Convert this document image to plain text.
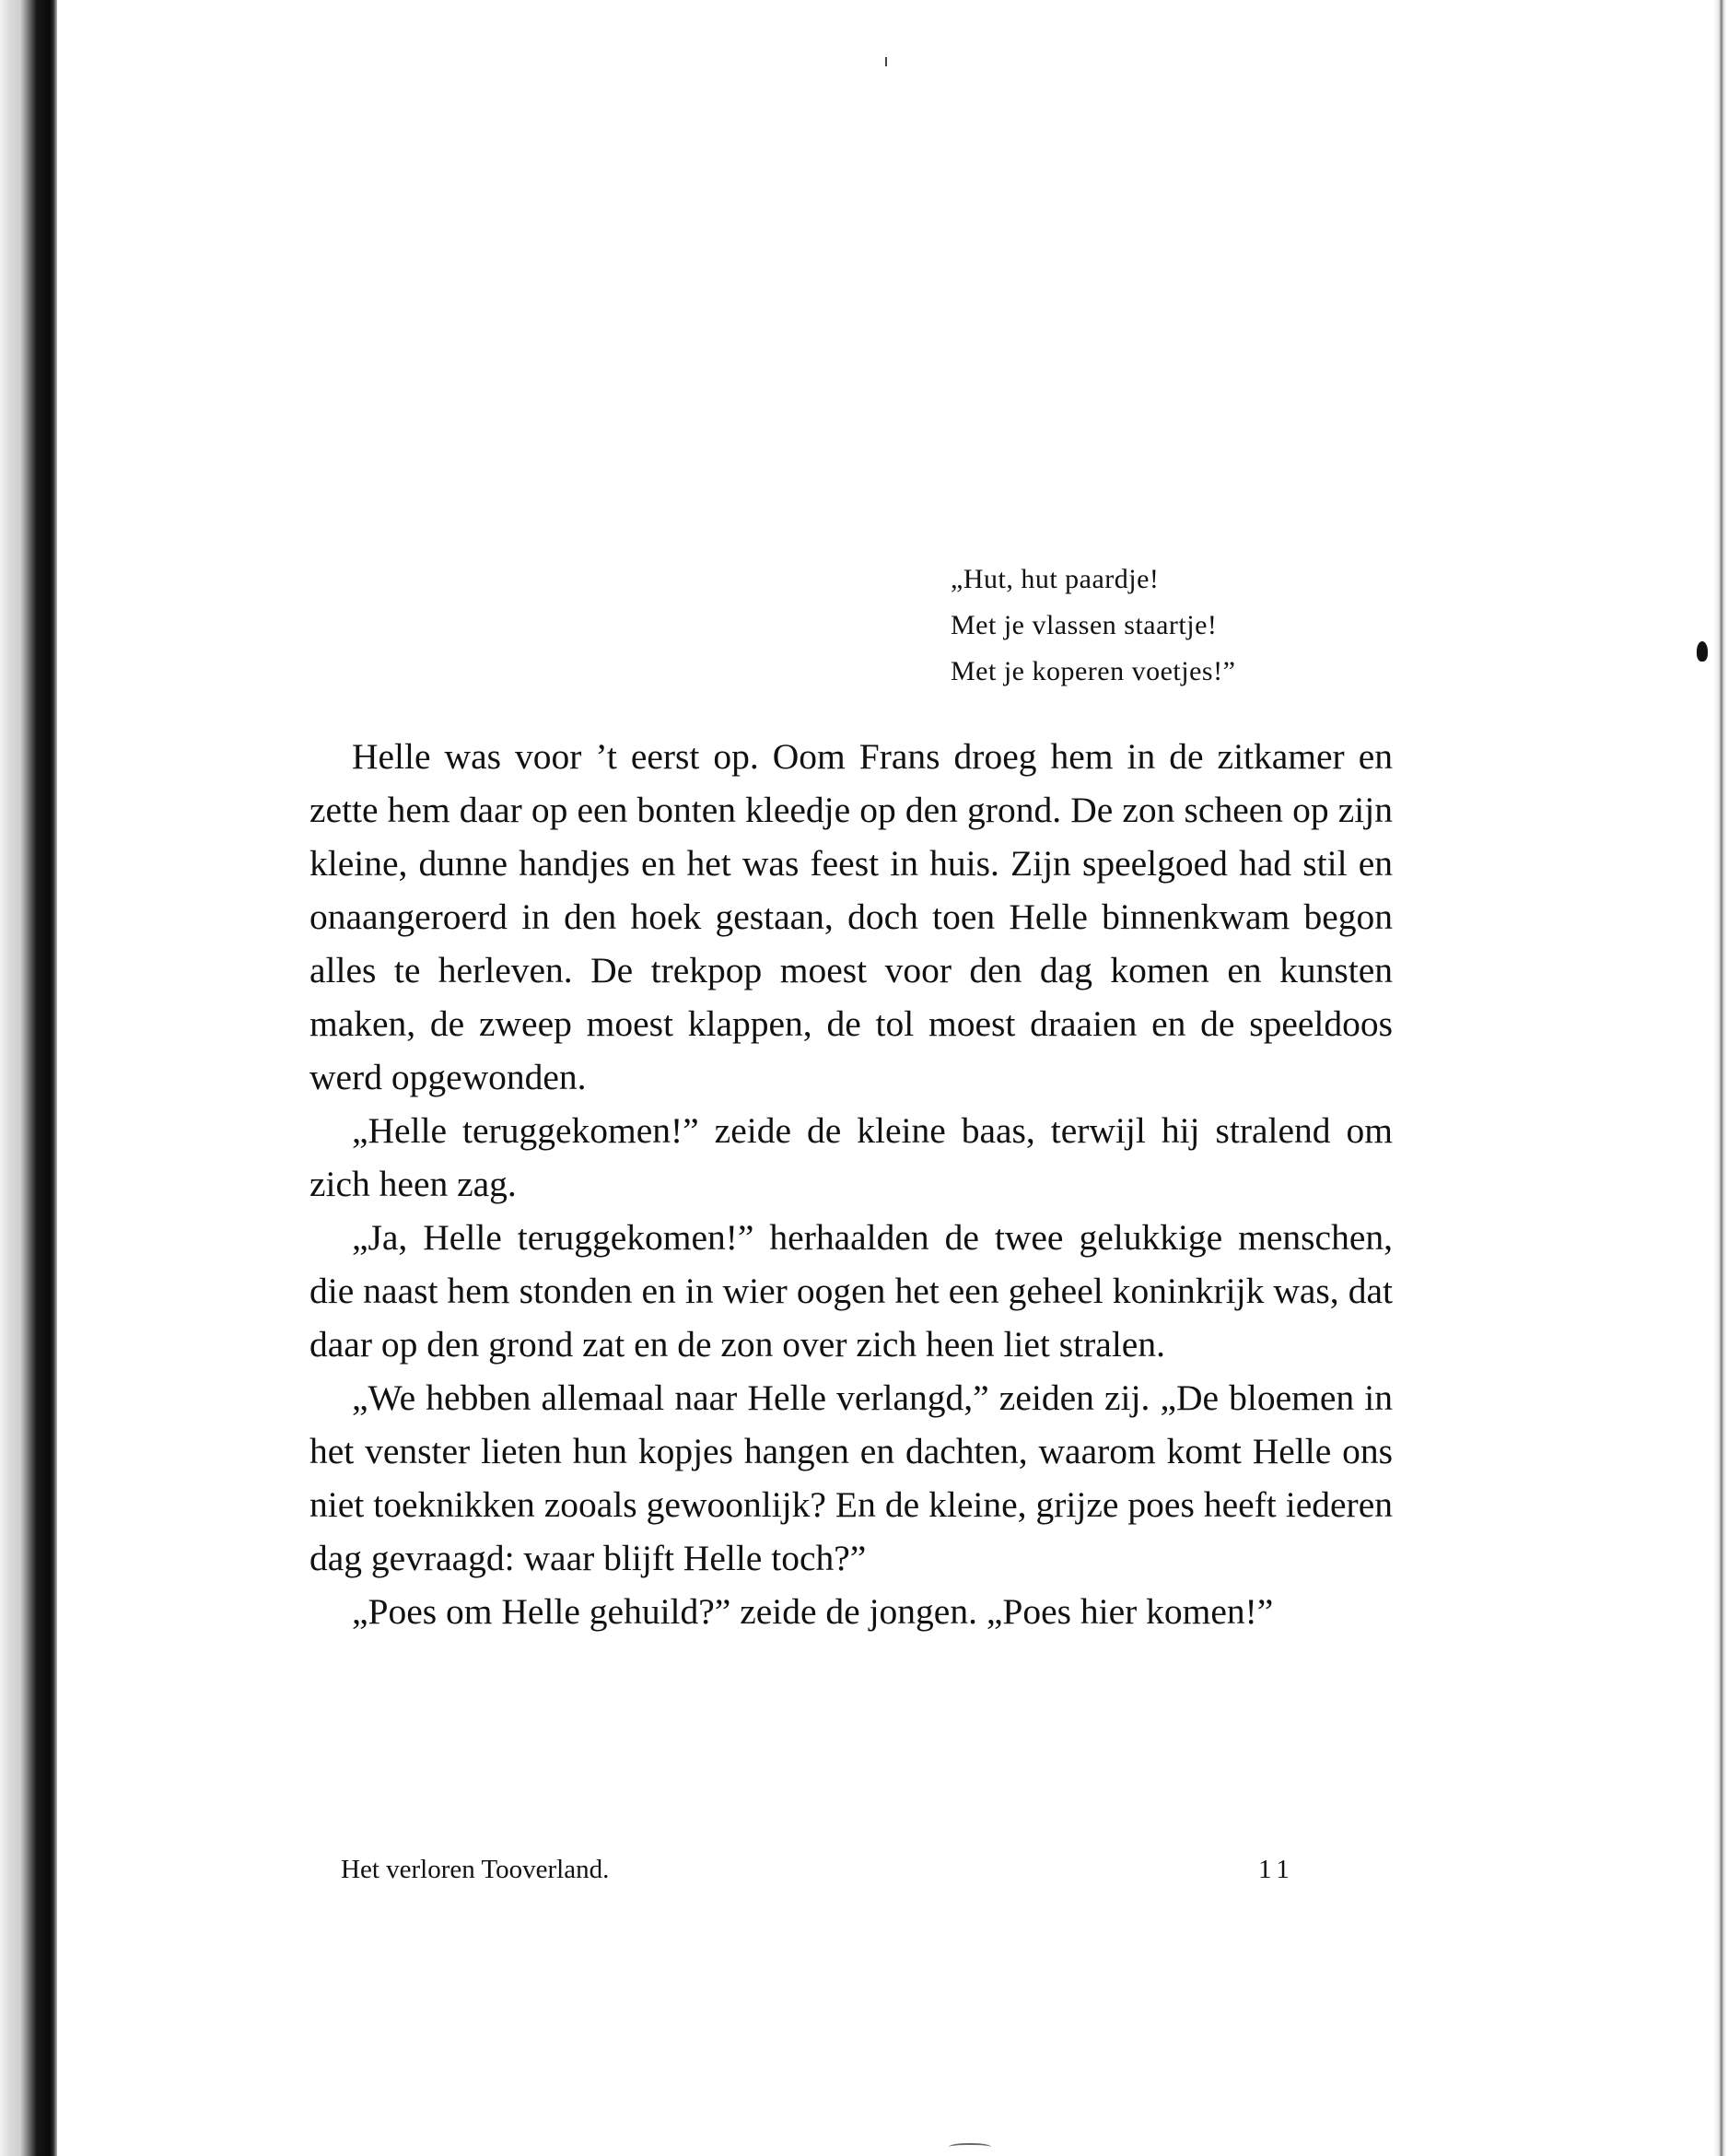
„Hut, hut paardje!
Met je vlassen staartje!
Met je koperen voetjes!”

Helle was voor ’t eerst op. Oom Frans droeg hem in de zitkamer en zette hem daar op een bonten kleedje op den grond. De zon scheen op zijn kleine, dunne handjes en het was feest in huis. Zijn speelgoed had stil en onaangeroerd in den hoek gestaan, doch toen Helle binnenkwam begon alles te herleven. De trekpop moest voor den dag komen en kunsten maken, de zweep moest klappen, de tol moest draaien en de speeldoos werd opgewonden.

„Helle teruggekomen!” zeide de kleine baas, terwijl hij stralend om zich heen zag.

„Ja, Helle teruggekomen!” herhaalden de twee gelukkige menschen, die naast hem stonden en in wier oogen het een geheel koninkrijk was, dat daar op den grond zat en de zon over zich heen liet stralen.

„We hebben allemaal naar Helle verlangd,” zeiden zij. „De bloemen in het venster lieten hun kopjes hangen en dachten, waarom komt Helle ons niet toeknikken zooals gewoonlijk? En de kleine, grijze poes heeft iederen dag gevraagd: waar blijft Helle toch?”

„Poes om Helle gehuild?” zeide de jongen. „Poes hier komen!”

Het verloren Tooverland.	11
